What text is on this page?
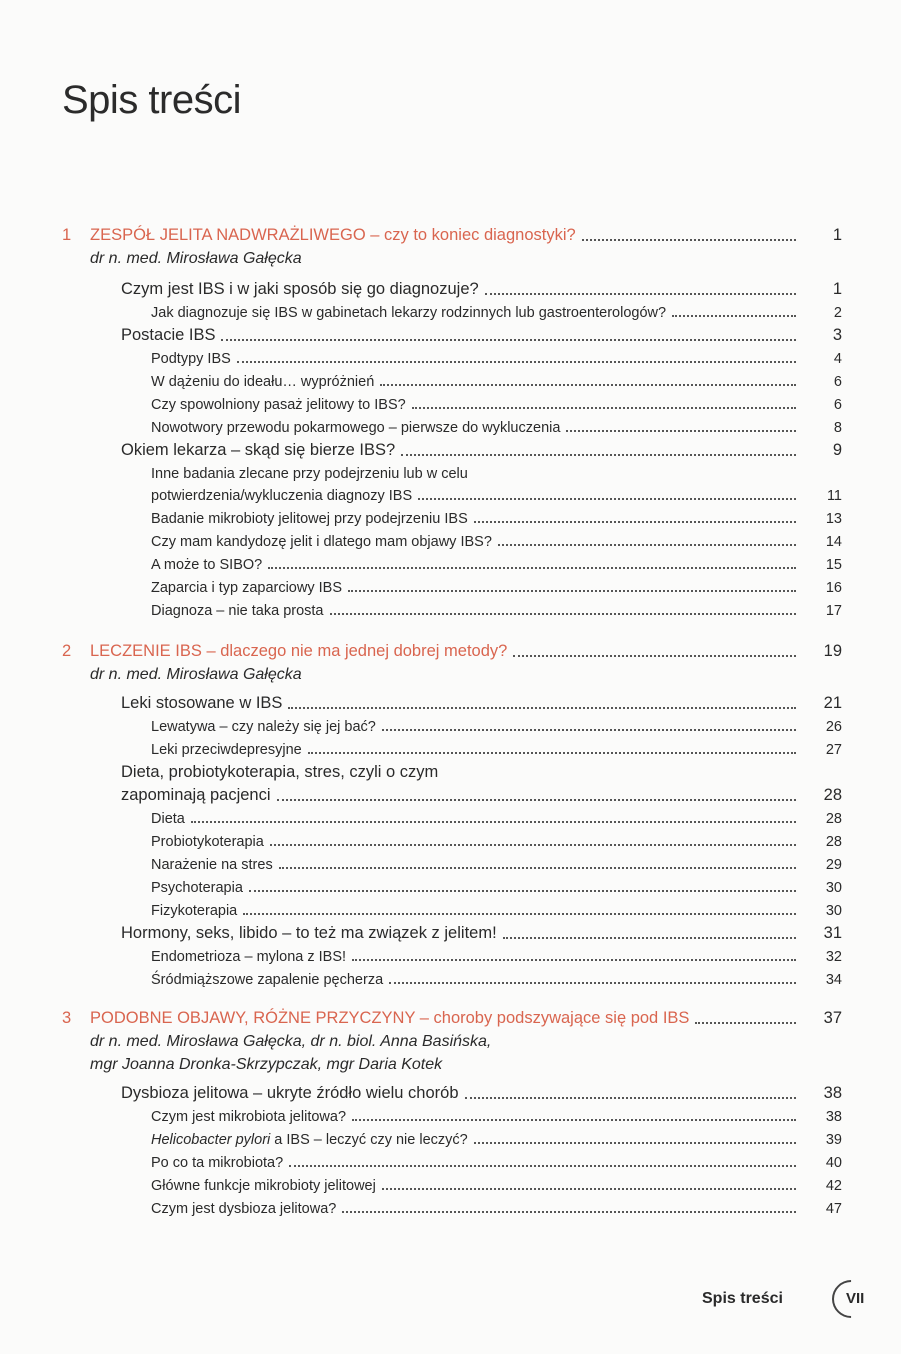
Spis treści
1 ZESPÓŁ JELITA NADWRAŻLIWEGO – czy to koniec diagnostyki?	1
dr n. med. Mirosława Gałęcka
Czym jest IBS i w jaki sposób się go diagnozuje?	1
Jak diagnozuje się IBS w gabinetach lekarzy rodzinnych lub gastroenterologów?	2
Postacie IBS	3
Podtypy IBS	4
W dążeniu do ideału… wypróżnień	6
Czy spowolniony pasaż jelitowy to IBS?	6
Nowotwory przewodu pokarmowego – pierwsze do wykluczenia	8
Okiem lekarza – skąd się bierze IBS?	9
Inne badania zlecane przy podejrzeniu lub w celu
potwierdzenia/wykluczenia diagnozy IBS	11
Badanie mikrobioty jelitowej przy podejrzeniu IBS	13
Czy mam kandydozę jelit i dlatego mam objawy IBS?	14
A może to SIBO?	15
Zaparcia i typ zaparciowy IBS	16
Diagnoza – nie taka prosta	17
2 LECZENIE IBS – dlaczego nie ma jednej dobrej metody?	19
dr n. med. Mirosława Gałęcka
Leki stosowane w IBS	21
Lewatywa – czy należy się jej bać?	26
Leki przeciwdepresyjne	27
Dieta, probiotykoterapia, stres, czyli o czym
zapominają pacjenci	28
Dieta	28
Probiotykoterapia	28
Narażenie na stres	29
Psychoterapia	30
Fizykoterapia	30
Hormony, seks, libido – to też ma związek z jelitem!	31
Endometrioza – mylona z IBS!	32
Śródmiąższowe zapalenie pęcherza	34
3 PODOBNE OBJAWY, RÓŻNE PRZYCZYNY – choroby podszywające się pod IBS	37
dr n. med. Mirosława Gałęcka, dr n. biol. Anna Basińska,
mgr Joanna Dronka-Skrzypczak, mgr Daria Kotek
Dysbioza jelitowa – ukryte źródło wielu chorób	38
Czym jest mikrobiota jelitowa?	38
Helicobacter pylori a IBS – leczyć czy nie leczyć?	39
Po co ta mikrobiota?	40
Główne funkcje mikrobioty jelitowej	42
Czym jest dysbioza jelitowa?	47
Spis treści	VII
